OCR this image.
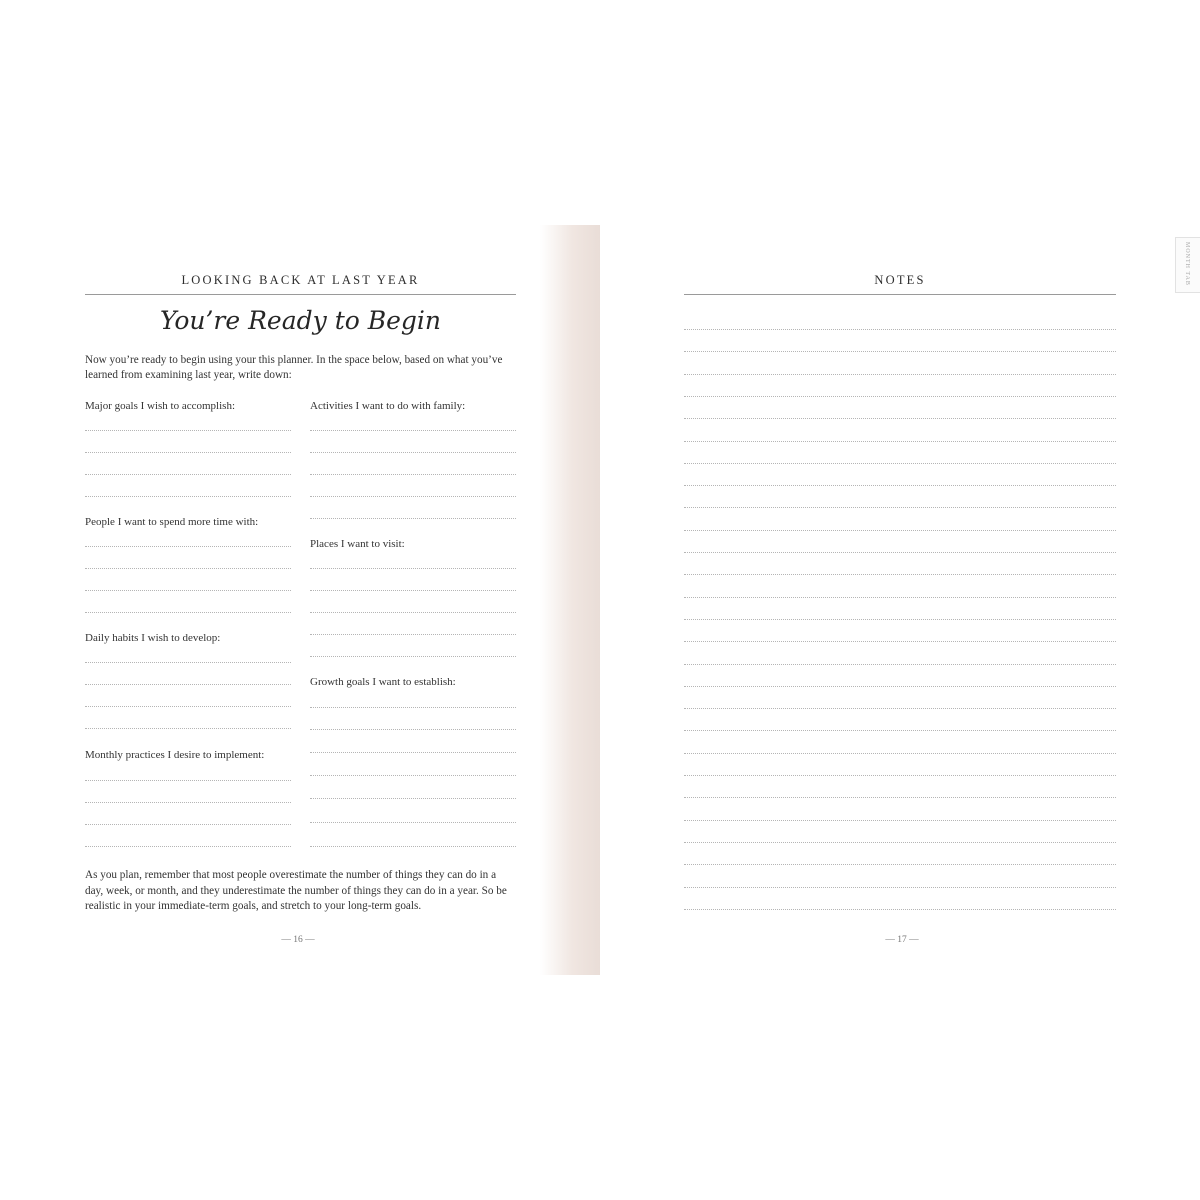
LOOKING BACK AT LAST YEAR
You’re Ready to Begin
Now you’re ready to begin using your this planner. In the space below, based on what you’ve learned from examining last year, write down:
Major goals I wish to accomplish:
People I want to spend more time with:
Daily habits I wish to develop:
Monthly practices I desire to implement:
Activities I want to do with family:
Places I want to visit:
Growth goals I want to establish:
As you plan, remember that most people overestimate the number of things they can do in a day, week, or month, and they underestimate the number of things they can do in a year. So be realistic in your immediate-term goals, and stretch to your long-term goals.
— 16 —
NOTES
— 17 —
MONTH TAB
